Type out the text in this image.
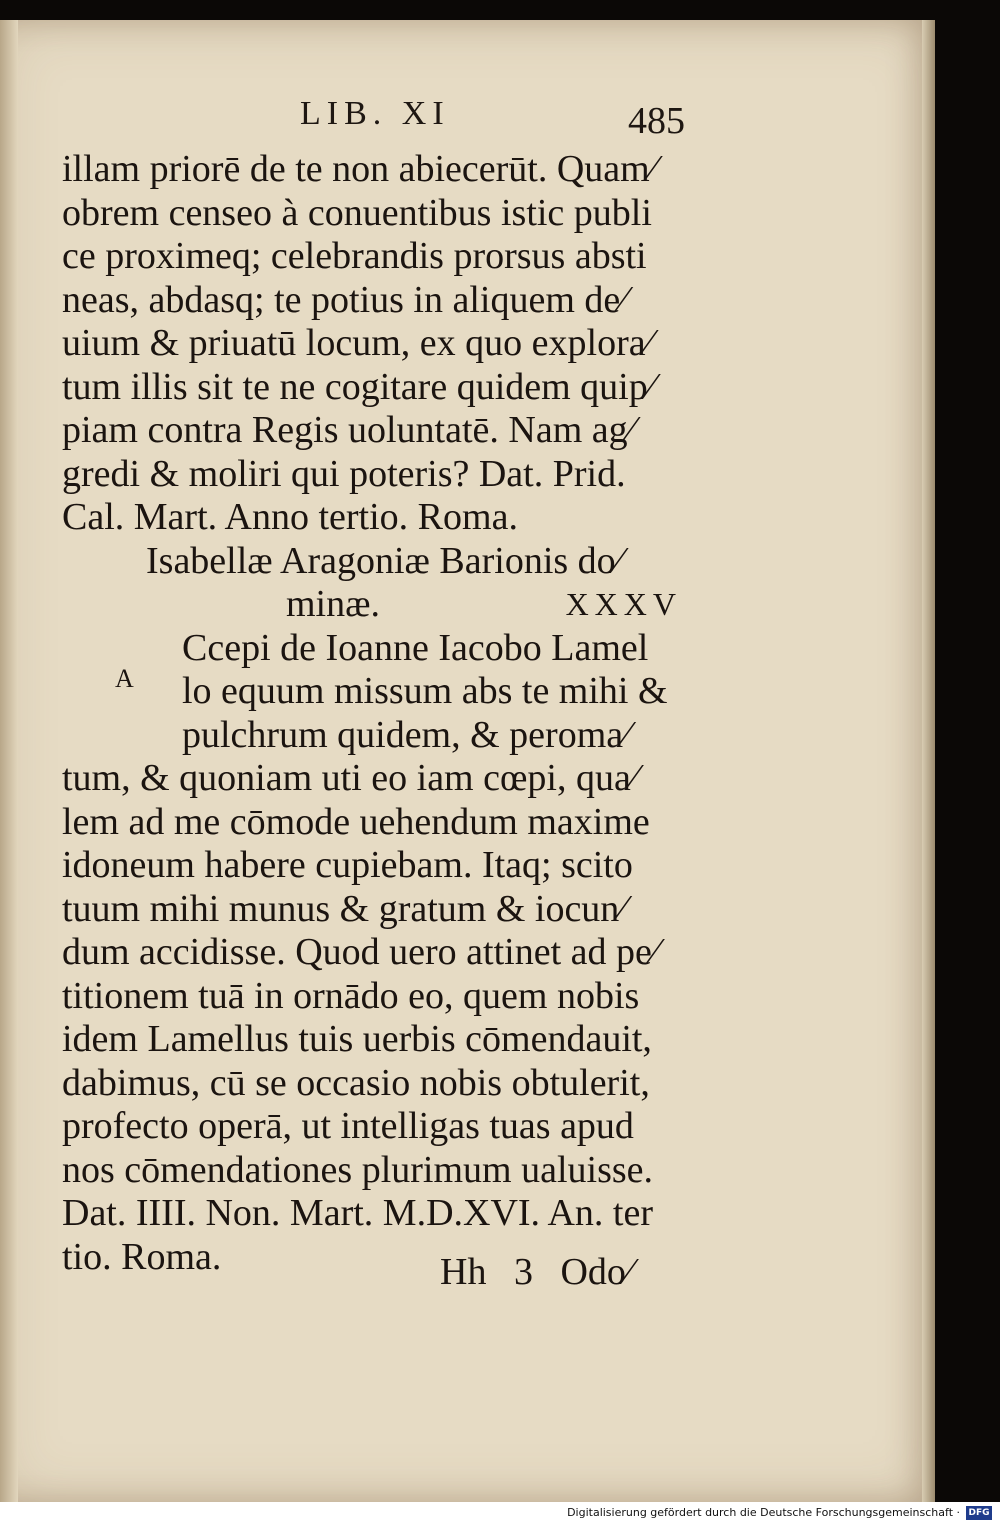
LIB. XI	485
illam priorē de te non abiecerūt. Quam⁄
obrem censeo à conuentibus istic publi
ce proximeq; celebrandis prorsus absti
neas, abdasq; te potius in aliquem de⁄
uium & priuatū locum, ex quo explora⁄
tum illis sit te ne cogitare quidem quip⁄
piam contra Regis uoluntatē. Nam ag⁄
gredi & moliri qui poteris? Dat. Prid.
Cal. Mart. Anno tertio. Roma.
Isabellæ Aragoniæ Barionis do⁄
minæ.	XXXV
Ccepi de Ioanne Iacobo Lamel
lo equum missum abs te mihi &
pulchrum quidem, & peroma⁄
tum, & quoniam uti eo iam cœpi, qua⁄
lem ad me cōmode uehendum maxime
idoneum habere cupiebam. Itaq; scito
tuum mihi munus & gratum & iocun⁄
dum accidisse. Quod uero attinet ad pe⁄
titionem tuā in ornādo eo, quem nobis
idem Lamellus tuis uerbis cōmendauit,
dabimus, cū se occasio nobis obtulerit,
profecto operā, ut intelligas tuas apud
nos cōmendationes plurimum ualuisse.
Dat. IIII. Non. Mart. M.D.XVI. An. ter
tio. Roma.
A
Hh 3 Odo⁄
Digitalisierung gefördert durch die Deutsche Forschungsgemeinschaft · DFG
